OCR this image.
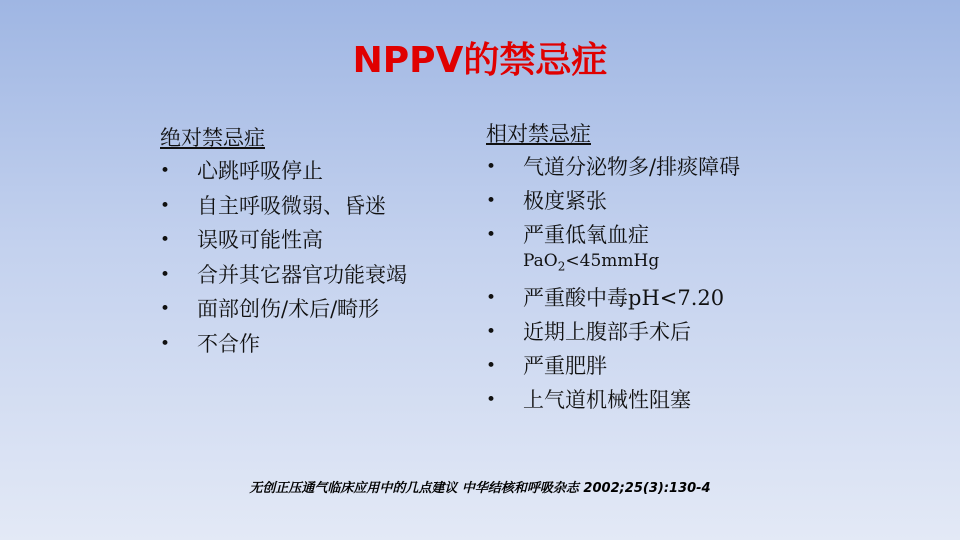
NPPV的禁忌症
绝对禁忌症
• 心跳呼吸停止
• 自主呼吸微弱、昏迷
• 误吸可能性高
• 合并其它器官功能衰竭
• 面部创伤/术后/畸形
• 不合作
相对禁忌症
• 气道分泌物多/排痰障碍
• 极度紧张
• 严重低氧血症
PaO$_2$<45mmHg
• 严重酸中毒pH<7.20
• 近期上腹部手术后
• 严重肥胖
• 上气道机械性阻塞
无创正压通气临床应用中的几点建议 中华结核和呼吸杂志 2002;25(3):130-4
